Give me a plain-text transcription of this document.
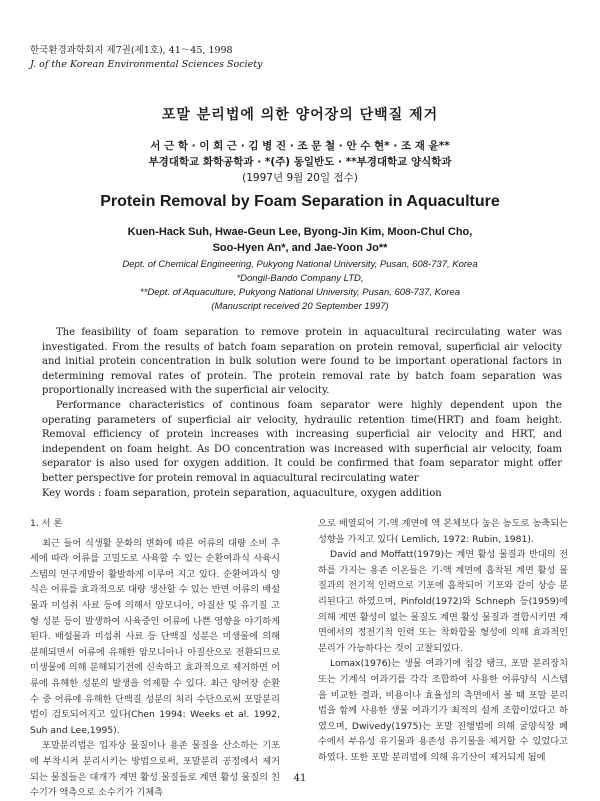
한국환경과학회지 제7권(제1호), 41～45, 1998
J. of the Korean Environmental Sciences Society
포말 분리법에 의한 양어장의 단백질 제거
서 근 학 · 이 회 근 · 김 병 진 · 조 문 철 · 안 수 현* · 조 재 윤**
부경대학교 화학공학과 · *(주) 동일반도 · **부경대학교 양식학과
(1997년 9월 20일 접수)
Protein Removal by Foam Separation in Aquaculture
Kuen-Hack Suh, Hwae-Geun Lee, Byong-Jin Kim, Moon-Chul Cho,
Soo-Hyen An*, and Jae-Yoon Jo**
Dept. of Chemical Engineering, Pukyong National University, Pusan, 608-737, Korea
*Dongil-Bando Company LTD,
**Dept. of Aquaculture, Pukyong National University, Pusan, 608-737, Korea
(Manuscript received 20 September 1997)

The feasibility of foam separation to remove protein in aquacultural recirculating water was investigated. From the results of batch foam separation on protein removal, superficial air velocity and initial protein concentration in bulk solution were found to be important operational factors in determining removal rates of protein. The protein removal rate by batch foam separation was proportionally increased with the superficial air velocity.

Performance characteristics of continous foam separator were highly dependent upon the operating parameters of superficial air velocity, hydraulic retention time(HRT) and foam height. Removal efficiency of protein increases with increasing superficial air velocity and HRT, and independent on foam height. As DO concentration was increased with superficial air velocity, foam separator is also used for oxygen addition. It could be confirmed that foam separator might offer better perspective for protein removal in aquacultural recirculating water

Key words : foam separation, protein separation, aquaculture, oxygen addition

1. 서 론

최근 들어 식생활 문화의 변화에 따른 어류의 대량 소비 추세에 따라 어류를 고밀도로 사육할 수 있는 순환여과식 사육시스템의 연구개발이 활발하게 이루어 지고 있다. 순환여과식 양식은 어류를 효과적으로 대량 생산할 수 있는 반면 어류의 배설물과 미섭취 사료 등에 의해서 암모니아, 아질산 및 유기질 고형 성분 등이 발생하여 사육중인 어류에 나쁜 영향을 야기하게 된다. 배설물과 미섭취 사료 등 단백질 성분은 미생물에 의해 분해되면서 어류에 유해한 암모니아나 아질산으로 전환되므로 미생물에 의해 분해되기전에 신속하고 효과적으로 제거하면 어류에 유해한 성분의 발생을 억제할 수 있다. 최근 양어장 순환수 중 어류에 유해한 단백질 성분의 처리 수단으로써 포말분리법이 검토되어지고 있다(Chen 1994: Weeks et al. 1992, Suh and Lee,1995).

포말분리법은 입자상 물질이나 용존 물질을 산소하는 기포에 부착시켜 분리시키는 방법으로써, 포말분리 공정에서 제거되는 물질들은 대개가 계면 활성 물질들로 계면 활성 물질의 친수기가 액측으로 소수기가 기체측

으로 배열되어 기-액 계면에 액 본체보다 높은 농도로 농축되는 성향을 가지고 있다( Lemlich, 1972: Rubin, 1981).

David and Moffatt(1979)는 계면 활성 물질과 반대의 전하를 가지는 용존 이온들은 기-액 계면에 흡착된 계면 활성 물질과의 전기적 인력으로 기포에 흡착되어 기포와 같이 상승 분리된다고 하였으며, Pinfold(1972)와 Schneph 등(1959)에 의해 계면 활성이 없는 물질도 계면 활성 물질과 결합시키면 계면에서의 정전기적 인력 또는 착화합물 형성에 의해 효과적인 분리가 가능하다는 것이 고찰되었다.

Lomax(1976)는 생물 여과기에 침강 탱크, 포말 분리장치 또는 기계식 여과기를 각각 조합하여 사용한 어류양식 시스템을 비교한 결과, 비용이나 효율성의 측면에서 볼 때 포말 분리법을 함께 사용한 생물 여과기가 최적의 설계 조합이었다고 하였으며, Dwivedy(1975)는 포말 진행법에 의해 굴양식장 폐수에서 부유성 유기물과 용존성 유기물을 제거할 수 있었다고 하였다. 또한 포말 분리법에 의해 유기산이 제거되게 됨에

41
